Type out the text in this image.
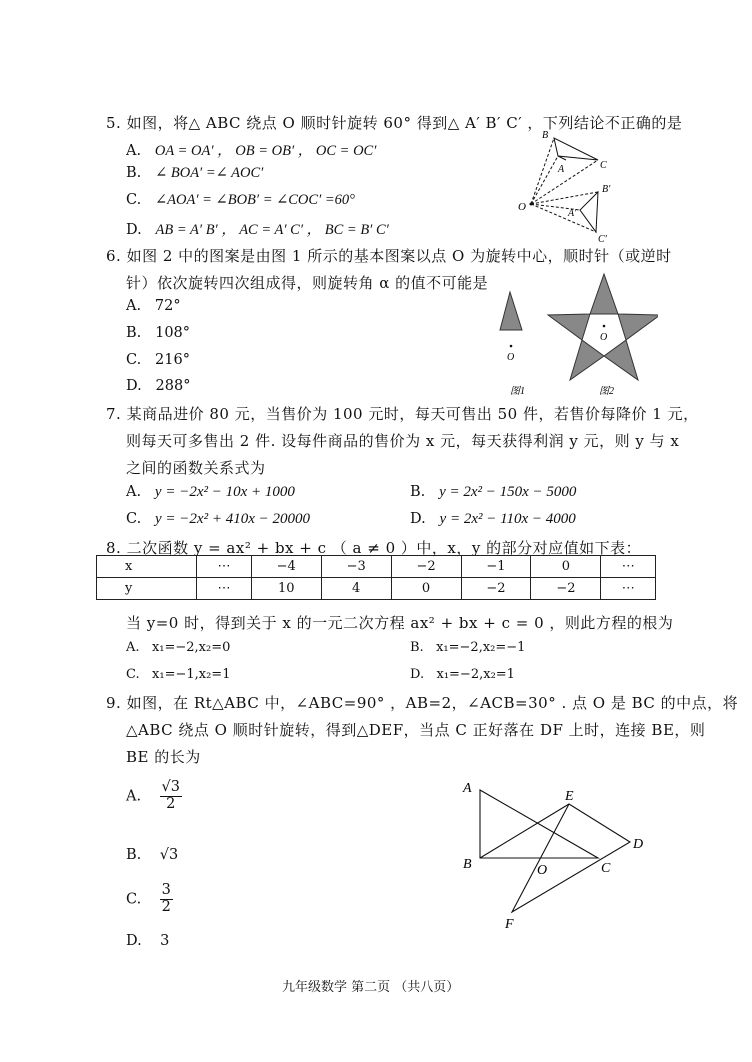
5. 如图，将△ ABC 绕点 O 顺时针旋转 60° 得到△ A′ B′ C′ ，下列结论不正确的是
A. OA = OA′ ， OB = OB′ ， OC = OC′
B. ∠ BOA′ =∠ AOC′
C. ∠AOA′ = ∠BOB′ = ∠COC′ =60°
D. AB = A′ B′ ， AC = A′ C′ ， BC = B′ C′
B
A	C
O
B′
A′
C′
6. 如图 2 中的图案是由图 1 所示的基本图案以点 O 为旋转中心，顺时针（或逆时
针）依次旋转四次组成得，则旋转角 α 的值不可能是
A. 72°
B. 108°
C. 216°
D. 288°
O
图1
O
图2
7. 某商品进价 80 元，当售价为 100 元时，每天可售出 50 件，若售价每降价 1 元，
则每天可多售出 2 件. 设每件商品的售价为 x 元，每天获得利润 y 元，则 y 与 x
之间的函数关系式为
A. y = −2x² − 10x + 1000	B. y = 2x² − 150x − 5000
C. y = −2x² + 410x − 20000	D. y = 2x² − 110x − 4000
8. 二次函数 y = ax² + bx + c （ a ≠ 0 ）中，x，y 的部分对应值如下表：
x	⋯	−4	−3	−2	−1	0	⋯
y	⋯	10	4	0	−2	−2	⋯
当 y=0 时，得到关于 x 的一元二次方程 ax² + bx + c = 0 ，则此方程的根为
A. x₁=−2,x₂=0	B. x₁=−2,x₂=−1
C. x₁=−1,x₂=1	D. x₁=−2,x₂=1
9. 如图，在 Rt△ABC 中，∠ABC=90° ，AB=2，∠ACB=30° . 点 O 是 BC 的中点，将
△ABC 绕点 O 顺时针旋转，得到△DEF，当点 C 正好落在 DF 上时，连接 BE，则
BE 的长为
A. $\frac{√3}{2}$
B. √3
C. $\frac{3}{2}$
D. 3
A
E
D
B	O	C
F
九年级数学 第二页 （共八页）
